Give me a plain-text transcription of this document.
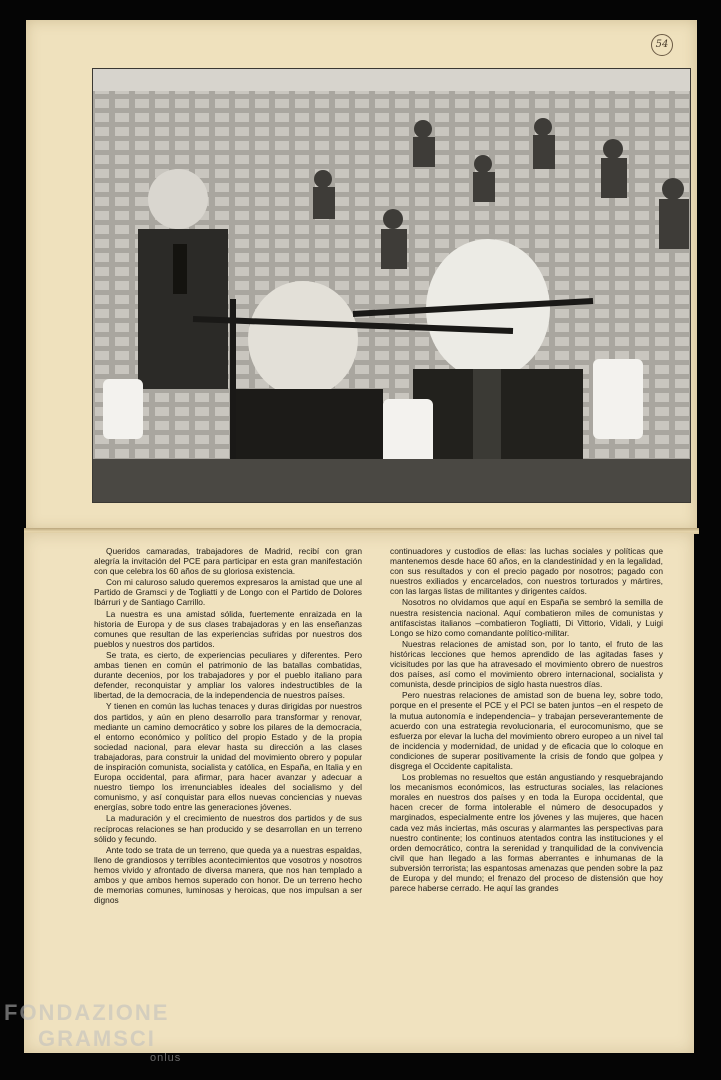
54

Queridos camaradas, trabajadores de Madrid, recibí con gran alegría la invitación del PCE para participar en esta gran manifestación con que celebra los 60 años de su gloriosa existencia.

Con mi caluroso saludo queremos expresaros la amistad que une al Partido de Gramsci y de Togliatti y de Longo con el Partido de Dolores Ibárruri y de Santiago Carrillo.

La nuestra es una amistad sólida, fuertemente enraizada en la historia de Europa y de sus clases trabajadoras y en las enseñanzas comunes que resultan de las experiencias sufridas por nuestros dos pueblos y nuestros dos partidos.

Se trata, es cierto, de experiencias peculiares y diferentes. Pero ambas tienen en común el patrimonio de las batallas combatidas, durante decenios, por los trabajadores y por el pueblo italiano para defender, reconquistar y ampliar los valores indestructibles de la libertad, de la democracia, de la independencia de nuestros países.

Y tienen en común las luchas tenaces y duras dirigidas por nuestros dos partidos, y aún en pleno desarrollo para transformar y renovar, mediante un camino democrático y sobre los pilares de la democracia, el entorno económico y político del propio Estado y de la propia sociedad nacional, para elevar hasta su dirección a las clases trabajadoras, para construir la unidad del movimiento obrero y popular de inspiración comunista, socialista y católica, en España, en Italia y en Europa occidental, para afirmar, para hacer avanzar y adecuar a nuestro tiempo los irrenunciables ideales del socialismo y del comunismo, y así conquistar para ellos nuevas conciencias y nuevas energías, sobre todo entre las generaciones jóvenes.

La maduración y el crecimiento de nuestros dos partidos y de sus recíprocas relaciones se han producido y se desarrollan en un terreno sólido y fecundo.

Ante todo se trata de un terreno, que queda ya a nuestras espaldas, lleno de grandiosos y terribles acontecimientos que vosotros y nosotros hemos vivido y afrontado de diversa manera, que nos han templado a ambos y que ambos hemos superado con honor. De un terreno hecho de memorias comunes, luminosas y heroicas, que nos impulsan a ser dignos

continuadores y custodios de ellas: las luchas sociales y políticas que mantenemos desde hace 60 años, en la clandestinidad y en la legalidad, con sus resultados y con el precio pagado por nosotros; pagado con nuestros exiliados y encarcelados, con nuestros torturados y mártires, con las largas listas de militantes y dirigentes caídos.

Nosotros no olvidamos que aquí en España se sembró la semilla de nuestra resistencia nacional. Aquí combatieron miles de comunistas y antifascistas italianos –combatieron Togliatti, Di Vittorio, Vidali, y Luigi Longo se hizo como comandante político-militar.

Nuestras relaciones de amistad son, por lo tanto, el fruto de las históricas lecciones que hemos aprendido de las agitadas fases y vicisitudes por las que ha atravesado el movimiento obrero de nuestros dos países, así como el movimiento obrero internacional, socialista y comunista, desde principios de siglo hasta nuestros días.

Pero nuestras relaciones de amistad son de buena ley, sobre todo, porque en el presente el PCE y el PCI se baten juntos –en el respeto de la mutua autonomía e independencia– y trabajan perseverantemente de acuerdo con una estrategia revolucionaria, el eurocomunismo, que se esfuerza por elevar la lucha del movimiento obrero europeo a un nivel tal de incidencia y modernidad, de unidad y de eficacia que lo coloque en condiciones de superar positivamente la crisis de fondo que golpea y disgrega el Occidente capitalista.

Los problemas no resueltos que están angustiando y resquebrajando los mecanismos económicos, las estructuras sociales, las relaciones morales en nuestros dos países y en toda la Europa occidental, que hacen crecer de forma intolerable el número de desocupados y marginados, especialmente entre los jóvenes y las mujeres, que hacen cada vez más inciertas, más oscuras y alarmantes las perspectivas para nuestro continente; los continuos atentados contra las instituciones y el orden democrático, contra la serenidad y tranquilidad de la convivencia civil que han llegado a las formas aberrantes e inhumanas de la subversión terrorista; las espantosas amenazas que penden sobre la paz de Europa y del mundo; el frenazo del proceso de distensión que hoy parece haberse cerrado. He aquí las grandes

FONDAZIONE
GRAMSCI
onlus
